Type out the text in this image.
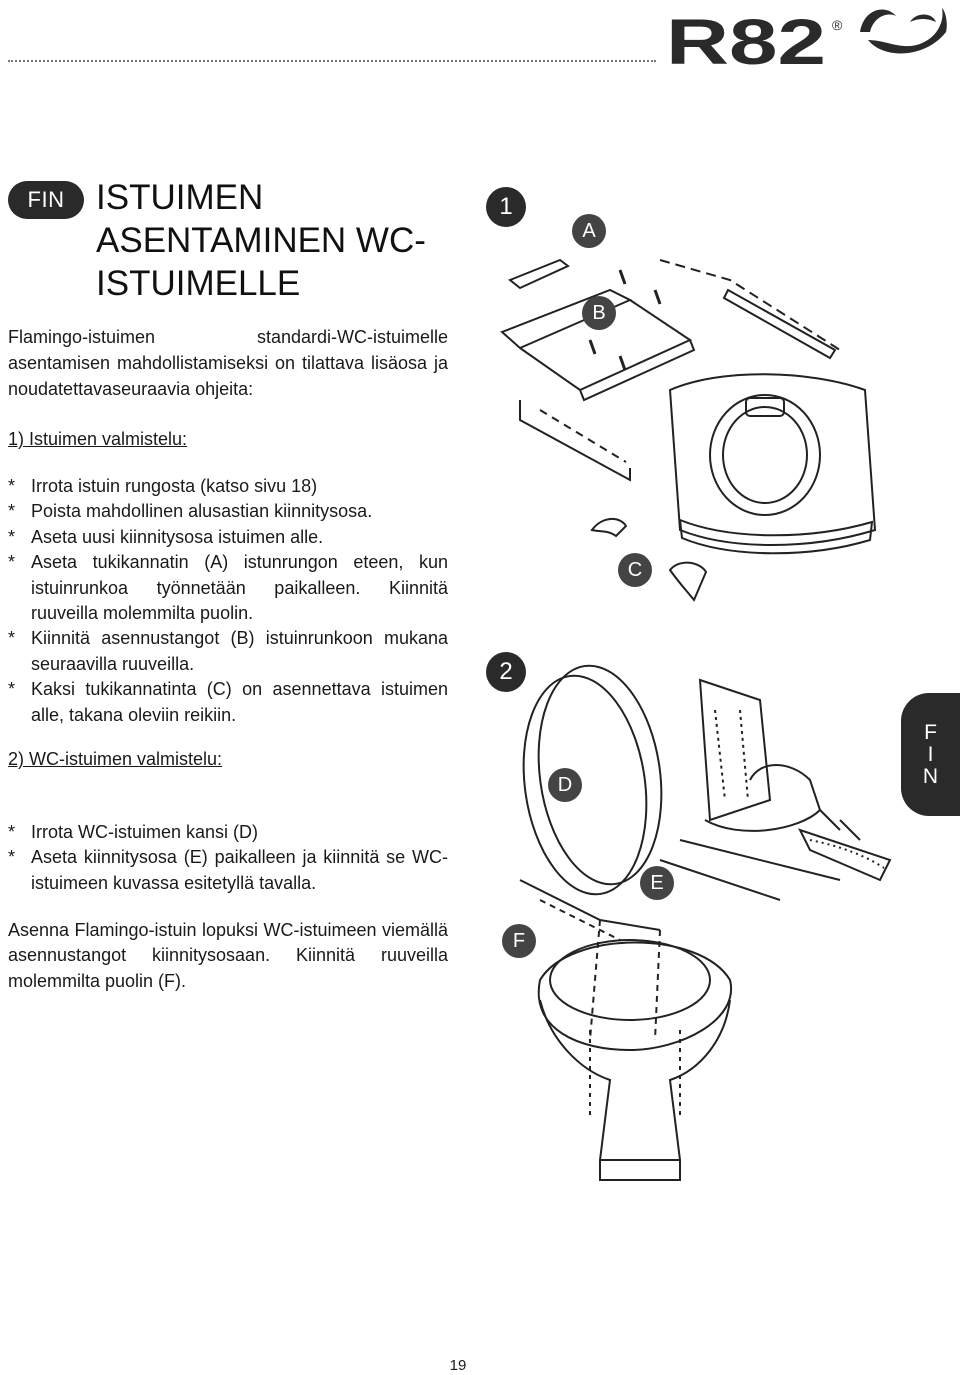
R82 ®
FIN ISTUIMEN ASENTAMINEN WC-ISTUIMELLE
Flamingo-istuimen standardi-WC-istuimelle asentamisen mahdollistamiseksi on tilattava lisäosa ja noudatettavaseuraavia ohjeita:
1) Istuimen valmistelu:
* Irrota istuin rungosta (katso sivu 18)
* Poista mahdollinen alusastian kiinnitysosa.
* Aseta uusi kiinnitysosa istuimen alle.
* Aseta tukikannatin (A) istunrungon eteen, kun istuinrunkoa työnnetään paikalleen. Kiinnitä ruuveilla molemmilta puolin.
* Kiinnitä asennustangot (B) istuinrunkoon mukana seuraavilla ruuveilla.
* Kaksi tukikannatinta (C) on asennettava istuimen alle, takana oleviin reikiin.
2) WC-istuimen valmistelu:
* Irrota WC-istuimen kansi (D)
* Aseta kiinnitysosa (E) paikalleen ja kiinnitä se WC-istuimeen kuvassa esitetyllä tavalla.
Asenna Flamingo-istuin lopuksi WC-istuimeen viemällä asennustangot kiinnitysosaan. Kiinnitä ruuveilla molemmilta puolin (F).
F
I
N
1
2
A
B
C
D
E
F
19
